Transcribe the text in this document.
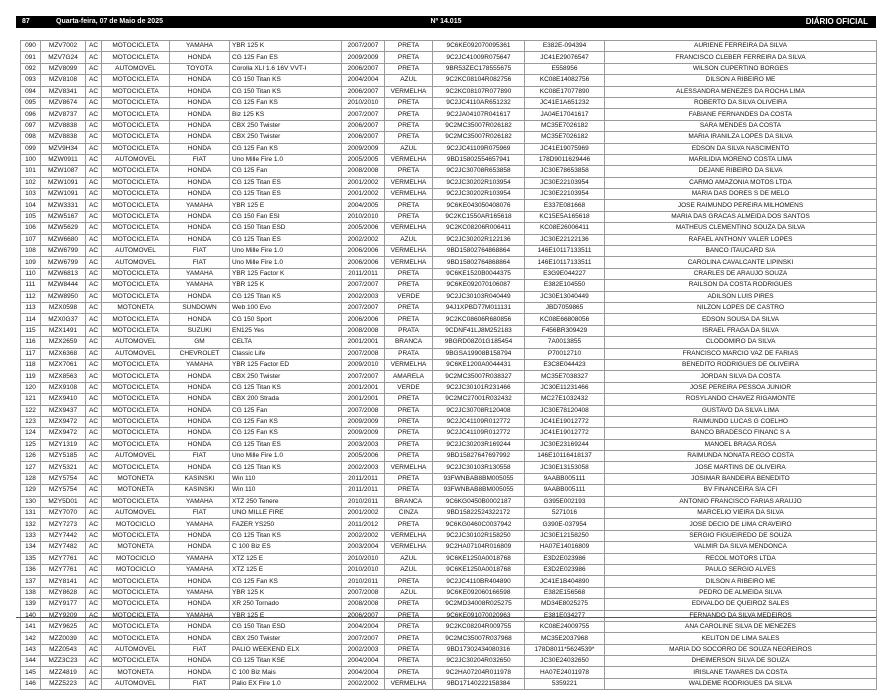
87	Quarta-feira, 07 de Maio de 2025	Nº 14.015	DIÁRIO OFICIAL
090	MZV7002	AC	MOTOCICLETA	YAMAHA	YBR 125 K	2007/2007	PRETA	9C6KE092070095361	E382E-094394	AURIENE FERREIRA DA SILVA
091	MZV7G24	AC	MOTOCICLETA	HONDA	CG 125 Fan ES	2009/2009	PRETA	9C2JC41009R075647	JC41E29076547	FRANCISCO CLEBER FERREIRA DA SILVA
092	MZV8099	AC	AUTOMOVEL	TOYOTA	Corolla XLI 1.6 16V VVT-I	2006/2007	PRETA	9BR53ZEC178555675	E558956	WILSON CUPERTINO BORGES
093	MZV8108	AC	MOTOCICLETA	HONDA	CG 150 Titan KS	2004/2004	AZUL	9C2KC08104R082756	KC08E14082756	DILSON A RIBEIRO ME
094	MZV8341	AC	MOTOCICLETA	HONDA	CG 150 Titan KS	2006/2007	VERMELHA	9C2KC08107R077890	KC08E17077890	ALESSANDRA MENEZES DA ROCHA LIMA
095	MZV8674	AC	MOTOCICLETA	HONDA	CG 125 Fan KS	2010/2010	PRETA	9C2JC4110AR651232	JC41E1A651232	ROBERTO DA SILVA OLIVEIRA
096	MZV8737	AC	MOTOCICLETA	HONDA	Biz 125 KS	2007/2007	PRETA	9C2JA04107R041617	JA04E17041617	FABIANE FERNANDES DA COSTA
097	MZV8838	AC	MOTOCICLETA	HONDA	CBX 250 Twister	2006/2007	PRETA	9C2MC35007R026182	MC35E7026182	SARA MENDES DA COSTA
098	MZV8838	AC	MOTOCICLETA	HONDA	CBX 250 Twister	2006/2007	PRETA	9C2MC35007R026182	MC35E7026182	MARIA IRANILZA LOPES DA SILVA
099	MZV9H34	AC	MOTOCICLETA	HONDA	CG 125 Fan KS	2009/2009	AZUL	9C2JC41109R075969	JC41E19075969	EDSON DA SILVA NASCIMENTO
100	MZW0911	AC	AUTOMOVEL	FIAT	Uno Mille Fire 1.0	2005/2005	VERMELHA	9BD15802554657941	178D9011629446	MARILIDIA MORENO COSTA LIMA
101	MZW1087	AC	MOTOCICLETA	HONDA	CG 125 Fan	2008/2008	PRETA	9C2JC30708R653858	JC30E78653858	DEJANE RIBEIRO DA SILVA
102	MZW1091	AC	MOTOCICLETA	HONDA	CG 125 Titan ES	2001/2002	VERMELHA	9C2JC30202R103954	JC30E22103954	CARMO AMAZONIA MOTOS LTDA
103	MZW1091	AC	MOTOCICLETA	HONDA	CG 125 Titan ES	2001/2002	VERMELHA	9C2JC30202R103954	JC30E22103954	MARIA DAS DORES S DE MELO
104	MZW3331	AC	MOTOCICLETA	YAMAHA	YBR 125 E	2004/2005	PRETA	9C6KE04305040807​6	E337E081668	JOSE RAIMUNDO PEREIRA MILHOMENS
105	MZW5167	AC	MOTOCICLETA	HONDA	CG 150 Fan ESI	2010/2010	PRETA	9C2KC1550AR165618	KC15E5A165618	MARIA DAS GRACAS ALMEIDA DOS SANTOS
106	MZW5629	AC	MOTOCICLETA	HONDA	CG 150 Titan ESD	2005/2006	VERMELHA	9C2KC08206R006411	KC08E26006411	MATHEUS CLEMENTINO SOUZA DA SILVA
107	MZW6680	AC	MOTOCICLETA	HONDA	CG 125 Titan ES	2002/2002	AZUL	9C2JC30202R122136	JC30E22122136	RAFAEL ANTHONY VALER LOPES
108	MZW6799	AC	AUTOMOVEL	FIAT	Uno Mille Fire 1.0	2006/2006	VERMELHA	9BD15802764868864	146E10117133511	BANCO ITAUCARD S/A
109	MZW6799	AC	AUTOMOVEL	FIAT	Uno Mille Fire 1.0	2006/2006	VERMELHA	9BD15802764868864	146E10117133511	CAROLINA CAVALCANTE LIPINSKI
110	MZW6813	AC	MOTOCICLETA	YAMAHA	YBR 125 Factor K	2011/2011	PRETA	9C6KE1520B0044375	E3G9E044227	CRARLES DE ARAUJO SOUZA
111	MZW8444	AC	MOTOCICLETA	YAMAHA	YBR 125 K	2007/2007	PRETA	9C6KE092070106087	E382E104550	RAILSON DA COSTA RODRIGUES
112	MZW8950	AC	MOTOCICLETA	HONDA	CG 125 Titan KS	2002/2003	VERDE	9C2JC30103R040449	JC30E13040449	ADILSON LUIS PIRES
113	MZX0598	AC	MOTONETA	SUNDOWN	Web 100 Evo	2007/2007	PRETA	94J1XPBD77M011131	JBD7059865	NILZON LOPES DE CASTRO
114	MZX0G37	AC	MOTOCICLETA	HONDA	CG 150 Sport	2006/2006	PRETA	9C2KC08606R680856	KC08E66808056	EDSON SOUSA DA SILVA
115	MZX1491	AC	MOTOCICLETA	SUZUKI	EN125 Yes	2008/2008	PRATA	9CDNF41LJ8M252183	F456BR309429	ISRAEL FRAGA DA SILVA
116	MZX2659	AC	AUTOMOVEL	GM	CELTA	2001/2001	BRANCA	9BGRD08Z01G185454	7A0013855	CLODOMIRO DA SILVA
117	MZX6368	AC	AUTOMOVEL	CHEVROLET	Classic Life	2007/2008	PRATA	9BGSA19908B158794	P70012710	FRANCISCO MARCIO VAZ DE FARIAS
118	MZX7061	AC	MOTOCICLETA	YAMAHA	YBR 125 Factor ED	2009/2010	VERMELHA	9C6KE1200A0044431	E3C8E044423	BENEDITO RODRIGUES DE OLIVEIRA
119	MZX8563	AC	MOTOCICLETA	HONDA	CBX 250 Twister	2007/2007	AMARELA	9C2MC35007R038327	MC35E7038327	JORDAN SILVA DA COSTA
120	MZX9108	AC	MOTOCICLETA	HONDA	CG 125 Titan KS	2001/2001	VERDE	9C2JC30101R231466	JC30E11231466	JOSE PEREIRA PESSOA JUNIOR
121	MZX9410	AC	MOTOCICLETA	HONDA	CBX 200 Strada	2001/2001	PRETA	9C2MC27001R032432	MC27E1032432	ROSYLANDO CHAVEZ RIGAMONTE
122	MZX9437	AC	MOTOCICLETA	HONDA	CG 125 Fan	2007/2008	PRETA	9C2JC30708R120408	JC30E78120408	GUSTAVO DA SILVA LIMA
123	MZX9472	AC	MOTOCICLETA	HONDA	CG 125 Fan KS	2009/2009	PRETA	9C2JC41109R012772	JC41E19012772	RAIMUNDO LUCAS G COELHO
124	MZX9472	AC	MOTOCICLETA	HONDA	CG 125 Fan KS	2009/2009	PRETA	9C2JC41109R012772	JC41E19012772	BANCO BRADESCO FINANC S A
125	MZY1319	AC	MOTOCICLETA	HONDA	CG 125 Titan ES	2003/2003	PRETA	9C2JC30203R169244	JC30E23169244	MANOEL BRAGA ROSA
126	MZY5185	AC	AUTOMOVEL	FIAT	Uno Mille Fire 1.0	2005/2006	PRETA	9BD15827647697992	146E10116418137	RAIMUNDA NONATA REGO COSTA
127	MZY5321	AC	MOTOCICLETA	HONDA	CG 125 Titan KS	2002/2003	VERMELHA	9C2JC30103R130558	JC30E13153058	JOSE MARTINS DE OLIVEIRA
128	MZY5754	AC	MOTONETA	KASINSKI	Win 110	2011/2011	PRETA	93FWNBAB8BM005055	9AABB005111	JOSIMAR BANDEIRA BENEDITO
129	MZY5754	AC	MOTONETA	KASINSKI	Win 110	2011/2011	PRETA	93FWNBAB8BM005055	9AABB005111	BV FINANCEIRA S/A CFI
130	MZY5D01	AC	MOTOCICLETA	YAMAHA	XTZ 250 Tenere	2010/2011	BRANCA	9C6KG0450B0002187	G395E002193	ANTONIO FRANCISCO FARIAS ARAUJO
131	MZY7070	AC	AUTOMOVEL	FIAT	UNO MILLE FIRE	2001/2002	CINZA	9BD15822524322172	5271016	MARCELIO VIEIRA DA SILVA
132	MZY7273	AC	MOTOCICLO	YAMAHA	FAZER YS250	2011/2012	PRETA	9C6KG0460C0037942	G390E-037954	JOSE DECIO DE LIMA CRAVEIRO
133	MZY7442	AC	MOTOCICLETA	HONDA	CG 125 Titan KS	2002/2002	VERMELHA	9C2JC30102R158250	JC30E12158250	SERGIO FIGUEIREDO DE SOUZA
134	MZY7482	AC	MOTONETA	HONDA	C 100 Biz ES	2003/2004	VERMELHA	9C2HA07104R016809	HA07E14016809	VALMIR DA SILVA MENDONCA
135	MZY7761	AC	MOTOCICLO	YAMAHA	XTZ 125 E	2010/2010	AZUL	9C6KE1250A0018768	E3D2E023986	RECOL MOTORS LTDA
136	MZY7761	AC	MOTOCICLO	YAMAHA	XTZ 125 E	2010/2010	AZUL	9C6KE1250A0018768	E3D2E023986	PAULO SERGIO ALVES
137	MZY8141	AC	MOTOCICLETA	HONDA	CG 125 Fan KS	2010/2011	PRETA	9C2JC4110BR404890	JC41E1B404890	DILSON A RIBEIRO ME
138	MZY8628	AC	MOTOCICLETA	YAMAHA	YBR 125 K	2007/2008	AZUL	9C6KE092060166598	E382E156568	PEDRO DE ALMEIDA SILVA
139	MZY9177	AC	MOTOCICLETA	HONDA	XR 250 Tornado	2008/2008	PRETA	9C2MD34008R025275	MD34E8025275	EDIVALDO DE QUEIROZ SALES
140	MZY9209	AC	MOTOCICLETA	YAMAHA	YBR 125 E	2006/2007	PRETA	9C6KE091070020963	E381E034277	FERNANDO DA SILVA MEDEIROS
141	MZY9625	AC	MOTOCICLETA	HONDA	CG 150 Titan ESD	2004/2004	PRETA	9C2KC08204R009755	KC08E24009755	ANA CAROLINE SILVA DE MENEZES
142	MZZ0039	AC	MOTOCICLETA	HONDA	CBX 250 Twister	2007/2007	PRETA	9C2MC35007R037968	MC35E2037968	KELITON DE LIMA SALES
143	MZZ0543	AC	AUTOMOVEL	FIAT	PALIO WEEKEND ELX	2002/2003	PRETA	9BD17302434080316	178D8011*5624539*	MARIA DO SOCORRO DE SOUZA NEGREIROS
144	MZZ3C23	AC	MOTOCICLETA	HONDA	CG 125 Titan KSE	2004/2004	PRETA	9C2JC30204R032650	JC30E24032650	DHEIMERSON SILVA DE SOUZA
145	MZZ4819	AC	MOTONETA	HONDA	C 100 Biz Mais	2004/2004	PRETA	9C2HA07204R011978	HA07E24011978	IRISLANE TAVARES DA COSTA
146	MZZ5223	AC	AUTOMOVEL	FIAT	Palio EX Fire 1.0	2002/2002	VERMELHA	9BD17140222158384	5359221	WALDEME RODRIGUES DA SILVA
